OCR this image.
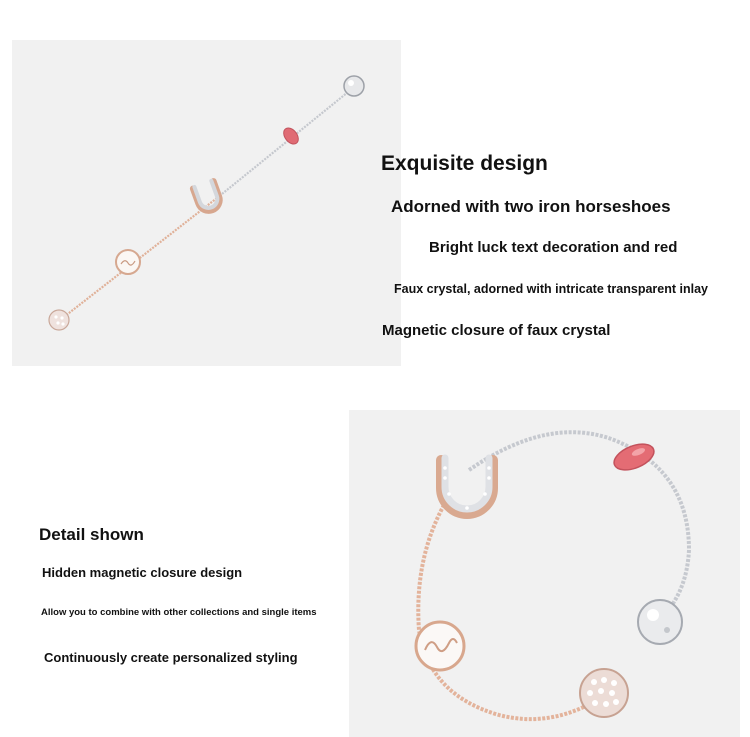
Exquisite design
Adorned with two iron horseshoes
Bright luck text decoration and red
Faux crystal, adorned with intricate transparent inlay
Magnetic closure of faux crystal
Detail shown
Hidden magnetic closure design
Allow you to combine with other collections and single items
Continuously create personalized styling
